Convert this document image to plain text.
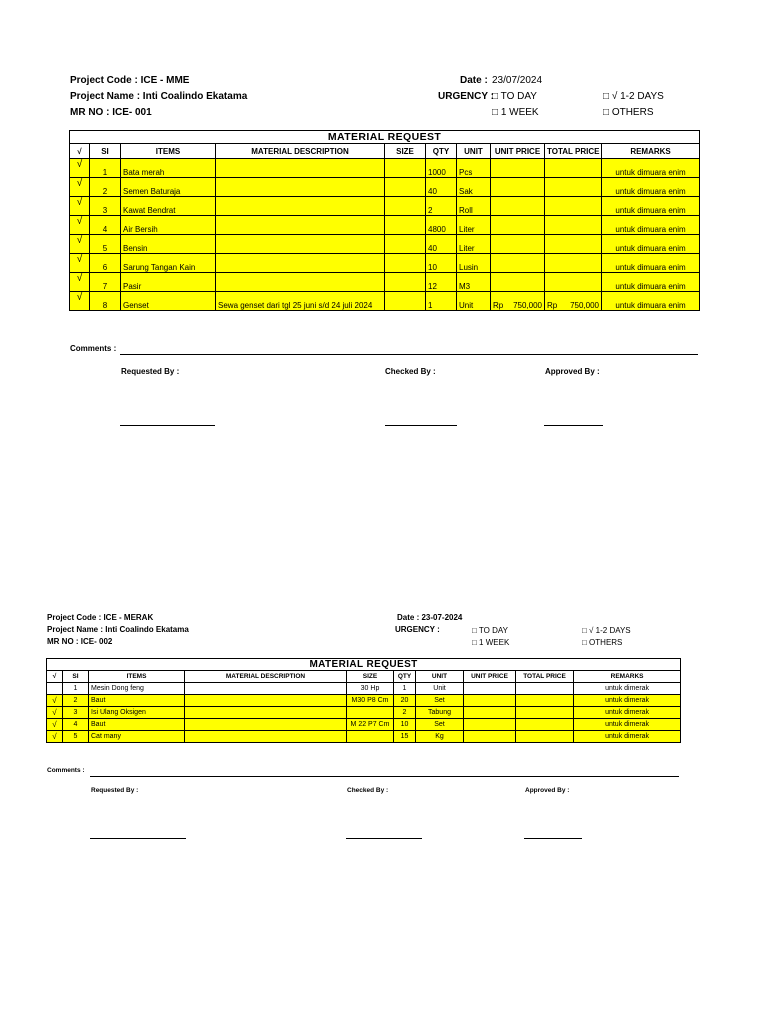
Project Code : ICE - MME
Project Name : Inti Coalindo Ekatama
MR NO : ICE- 001
Date : 23/07/2024
URGENCY :
□ TO DAY	□ √ 1-2 DAYS
□ 1 WEEK	□ OTHERS
MATERIAL REQUEST									
√	SI	ITEMS	MATERIAL DESCRIPTION	SIZE	QTY	UNIT	UNIT PRICE	TOTAL PRICE	REMARKS
√	1	Bata merah			1000	Pcs			untuk dimuara enim
√	2	Semen Baturaja			40	Sak			untuk dimuara enim
√	3	Kawat Bendrat			2	Roll			untuk dimuara enim
√	4	Air Bersih			4800	Liter			untuk dimuara enim
√	5	Bensin			40	Liter			untuk dimuara enim
√	6	Sarung Tangan Kain			10	Lusin			untuk dimuara enim
√	7	Pasir			12	M3			untuk dimuara enim
√	8	Genset	Sewa genset dari tgl 25 juni s/d 24 juli 2024		1	Unit	Rp 750,000	Rp 750,000	untuk dimuara enim
Comments :
Requested By :	Checked By :	Approved By :
Project Code : ICE - MERAK
Project Name : Inti Coalindo Ekatama
MR NO : ICE- 002
Date : 23-07-2024
URGENCY :	□ TO DAY	□ √ 1-2 DAYS
□ 1 WEEK	□ OTHERS
MATERIAL REQUEST									
√	SI	ITEMS	MATERIAL DESCRIPTION	SIZE	QTY	UNIT	UNIT PRICE	TOTAL PRICE	REMARKS
	1	Mesin Dong feng		30 Hp	1	Unit			untuk dimerak
√	2	Baut		M30 P8 Cm	20	Set			untuk dimerak
√	3	Isi Ulang Oksigen			2	Tabung			untuk dimerak
√	4	Baut		M 22 P7 Cm	10	Set			untuk dimerak
√	5	Cat many			15	Kg			untuk dimerak
Comments :
Requested By :	Checked By :	Approved By :
